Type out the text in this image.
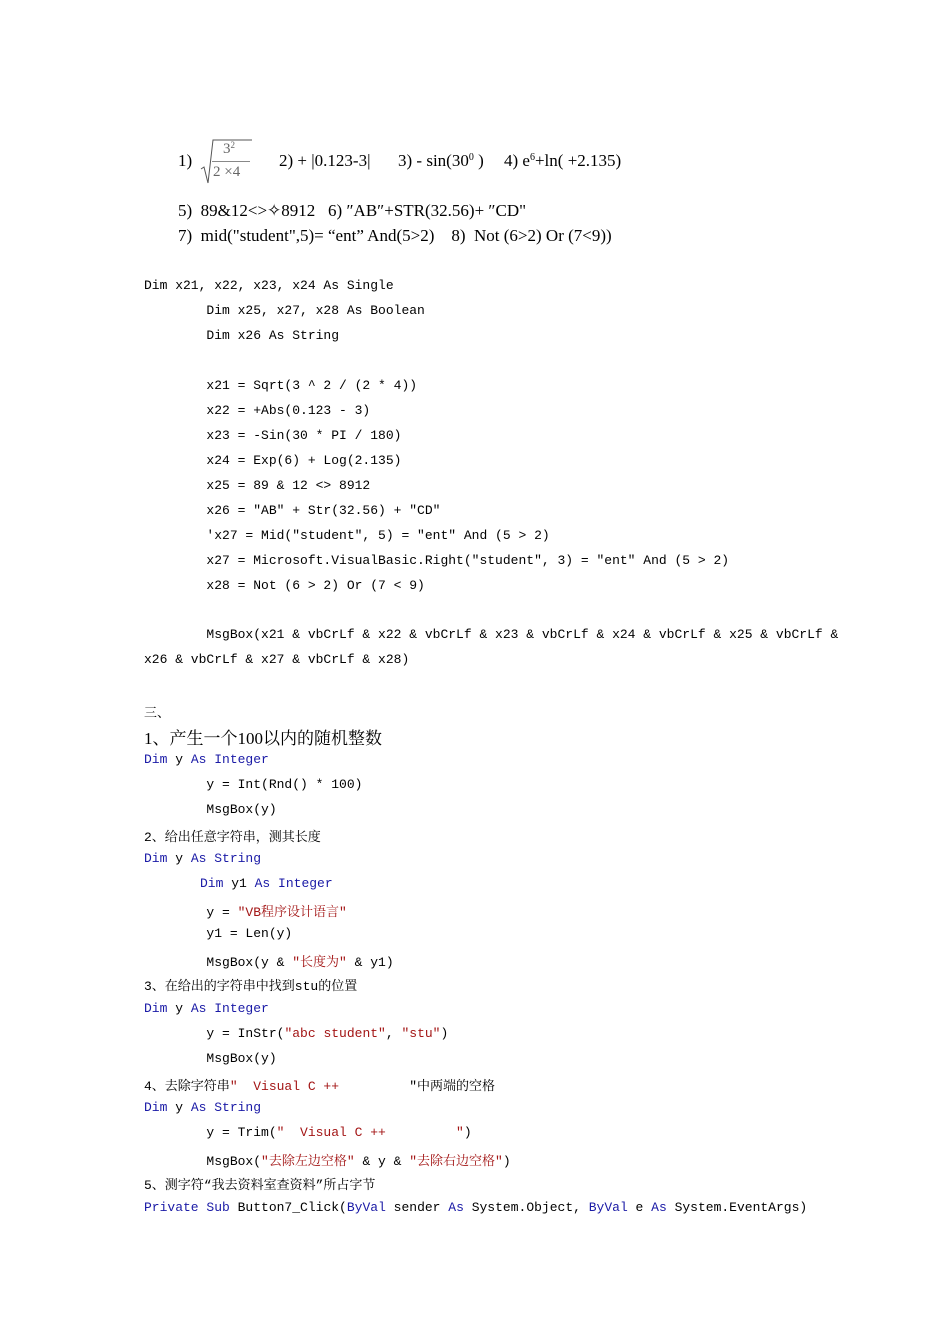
1)
$3^2$
2 ×4
2) + |0.123-3| $3) - \sin(30^0$ ) 4) $e^6+\ln( +2.135)$
5)  89&12<>✧8912   6) ″AB″+STR(32.56)+ ″CD"
7)  mid("student",5)= “ent” And(5>2)    8)  Not (6>2) Or (7<9))
Dim x21, x22, x23, x24 As Single
Dim x25, x27, x28 As Boolean
Dim x26 As String
x21 = Sqrt(3 ^ 2 / (2 * 4))
x22 = +Abs(0.123 - 3)
x23 = -Sin(30 * PI / 180)
x24 = Exp(6) + Log(2.135)
x25 = 89 & 12 <> 8912
x26 = "AB" + Str(32.56) + "CD"
'x27 = Mid("student", 5) = "ent" And (5 > 2)
x27 = Microsoft.VisualBasic.Right("student", 3) = "ent" And (5 > 2)
x28 = Not (6 > 2) Or (7 < 9)
MsgBox(x21 & vbCrLf & x22 & vbCrLf & x23 & vbCrLf & x24 & vbCrLf & x25 & vbCrLf &
x26 & vbCrLf & x27 & vbCrLf & x28)
三、
1、产生一个100以内的随机整数
Dim y As Integer
y = Int(Rnd() * 100)
MsgBox(y)
2、给出任意字符串，测其长度
Dim y As String
Dim y1 As Integer
y = "VB程序设计语言"
y1 = Len(y)
MsgBox(y & "长度为" & y1)
3、在给出的字符串中找到stu的位置
Dim y As Integer
y = InStr("abc student", "stu")
MsgBox(y)
4、去除字符串"  Visual C ++         "中两端的空格
Dim y As String
y = Trim("  Visual C ++         ")
MsgBox("去除左边空格" & y & "去除右边空格")
5、测字符“我去资料室查资料”所占字节
Private Sub Button7_Click(ByVal sender As System.Object, ByVal e As System.EventArgs)
